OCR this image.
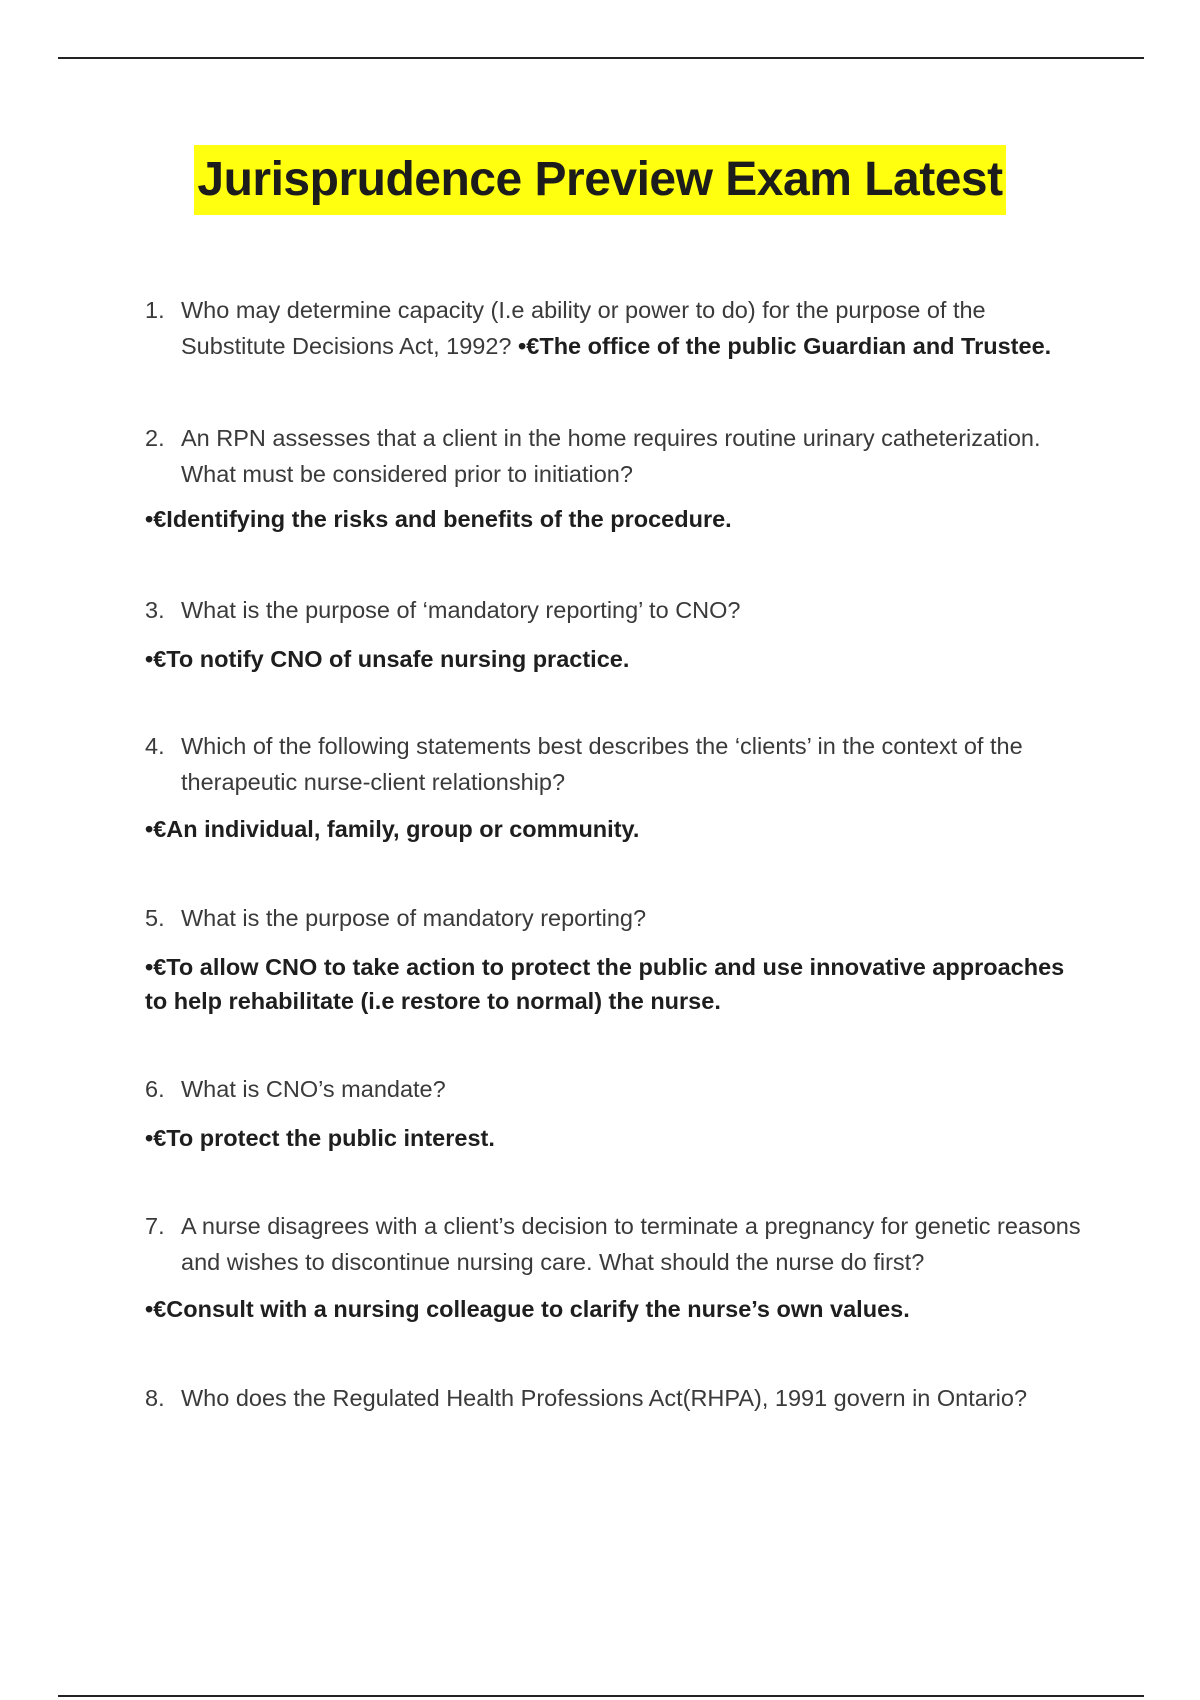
Jurisprudence Preview Exam Latest
1. Who may determine capacity (I.e ability or power to do) for the purpose of the Substitute Decisions Act, 1992? •€The office of the public Guardian and Trustee.
2. An RPN assesses that a client in the home requires routine urinary catheterization. What must be considered prior to initiation?
•€Identifying the risks and benefits of the procedure.
3. What is the purpose of ‘mandatory reporting’ to CNO?
•€To notify CNO of unsafe nursing practice.
4. Which of the following statements best describes the ‘clients’ in the context of the therapeutic nurse-client relationship?
•€An individual, family, group or community.
5. What is the purpose of mandatory reporting?
•€To allow CNO to take action to protect the public and use innovative approaches to help rehabilitate (i.e restore to normal) the nurse.
6. What is CNO’s mandate?
•€To protect the public interest.
7. A nurse disagrees with a client’s decision to terminate a pregnancy for genetic reasons and wishes to discontinue nursing care. What should the nurse do first?
•€Consult with a nursing colleague to clarify the nurse’s own values.
8. Who does the Regulated Health Professions Act(RHPA), 1991 govern in Ontario?
